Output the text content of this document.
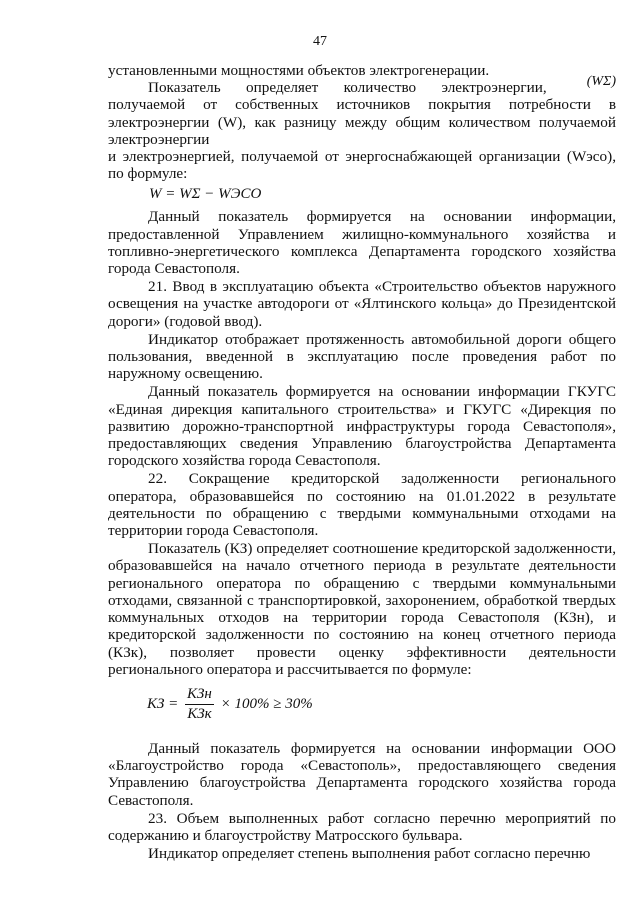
47

установленными мощностями объектов электрогенерации.

(WΣ)
Показатель определяет количество электроэнергии, получаемой от собственных источников покрытия потребности в электроэнергии (W), как разницу между общим количеством получаемой электроэнергии

и электроэнергией, получаемой от энергоснабжающей организации (Wэсо), по формуле:

W = WΣ − WЭСО

Данный показатель формируется на основании информации, предоставленной Управлением жилищно-коммунального хозяйства и топливно-энергетического комплекса Департамента городского хозяйства города Севастополя.

21. Ввод в эксплуатацию объекта «Строительство объектов наружного освещения на участке автодороги от «Ялтинского кольца» до Президентской дороги» (годовой ввод).

Индикатор отображает протяженность автомобильной дороги общего пользования, введенной в эксплуатацию после проведения работ по наружному освещению.

Данный показатель формируется на основании информации ГКУГС «Единая дирекция капитального строительства» и ГКУГС «Дирекция по развитию дорожно-транспортной инфраструктуры города Севастополя», предоставляющих сведения Управлению благоустройства Департамента городского хозяйства города Севастополя.

22. Сокращение кредиторской задолженности регионального оператора, образовавшейся по состоянию на 01.01.2022 в результате деятельности по обращению с твердыми коммунальными отходами на территории города Севастополя.

Показатель (КЗ) определяет соотношение кредиторской задолженности, образовавшейся на начало отчетного периода в результате деятельности регионального оператора по обращению с твердыми коммунальными отходами, связанной с транспортировкой, захоронением, обработкой твердых коммунальных отходов на территории города Севастополя (КЗн), и кредиторской задолженности по состоянию на конец отчетного периода (КЗк), позволяет провести оценку эффективности деятельности регионального оператора и рассчитывается по формуле:

КЗ = $\frac{\text{КЗн}}{\text{КЗк}} \times 100\% \ge 30\%$

Данный показатель формируется на основании информации ООО «Благоустройство города «Севастополь», предоставляющего сведения Управлению благоустройства Департамента городского хозяйства города Севастополя.

23. Объем выполненных работ согласно перечню мероприятий по содержанию и благоустройству Матросского бульвара.

Индикатор определяет степень выполнения работ согласно перечню
